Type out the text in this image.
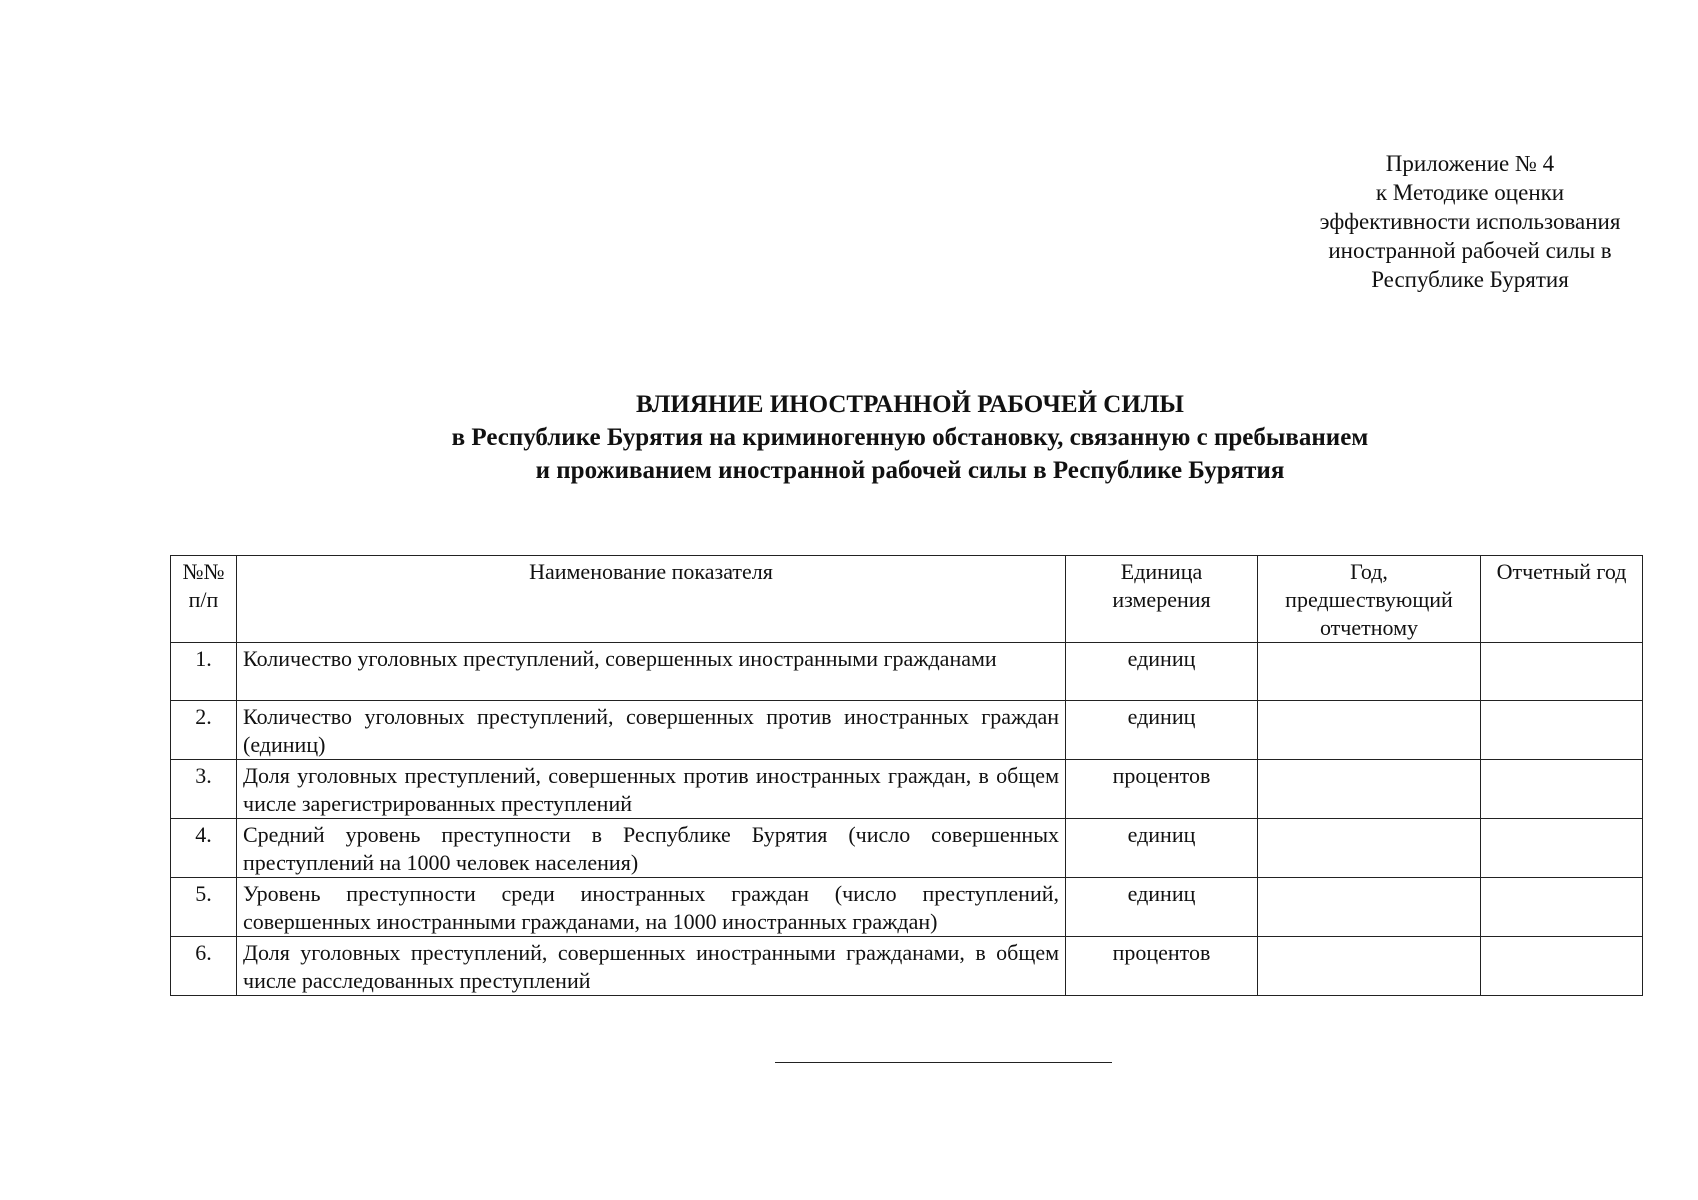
Приложение № 4
к Методике оценки
эффективности использования
иностранной рабочей силы в
Республике Бурятия
ВЛИЯНИЕ ИНОСТРАННОЙ РАБОЧЕЙ СИЛЫ
в Республике Бурятия на криминогенную обстановку, связанную с пребыванием
и проживанием иностранной рабочей силы в Республике Бурятия
№№ п/п	Наименование показателя	Единица измерения	Год, предшествующий отчетному	Отчетный год
1.	Количество уголовных преступлений, совершенных иностранными гражданами	единиц		
2.	Количество уголовных преступлений, совершенных против иностранных граждан (единиц)	единиц		
3.	Доля уголовных преступлений, совершенных против иностранных граждан, в общем числе зарегистрированных преступлений	процентов		
4.	Средний уровень преступности в Республике Бурятия (число совершенных преступлений на 1000 человек населения)	единиц		
5.	Уровень преступности среди иностранных граждан (число преступлений, совершенных иностранными гражданами, на 1000 иностранных граждан)	единиц		
6.	Доля уголовных преступлений, совершенных иностранными гражданами, в общем числе расследованных преступлений	процентов		
